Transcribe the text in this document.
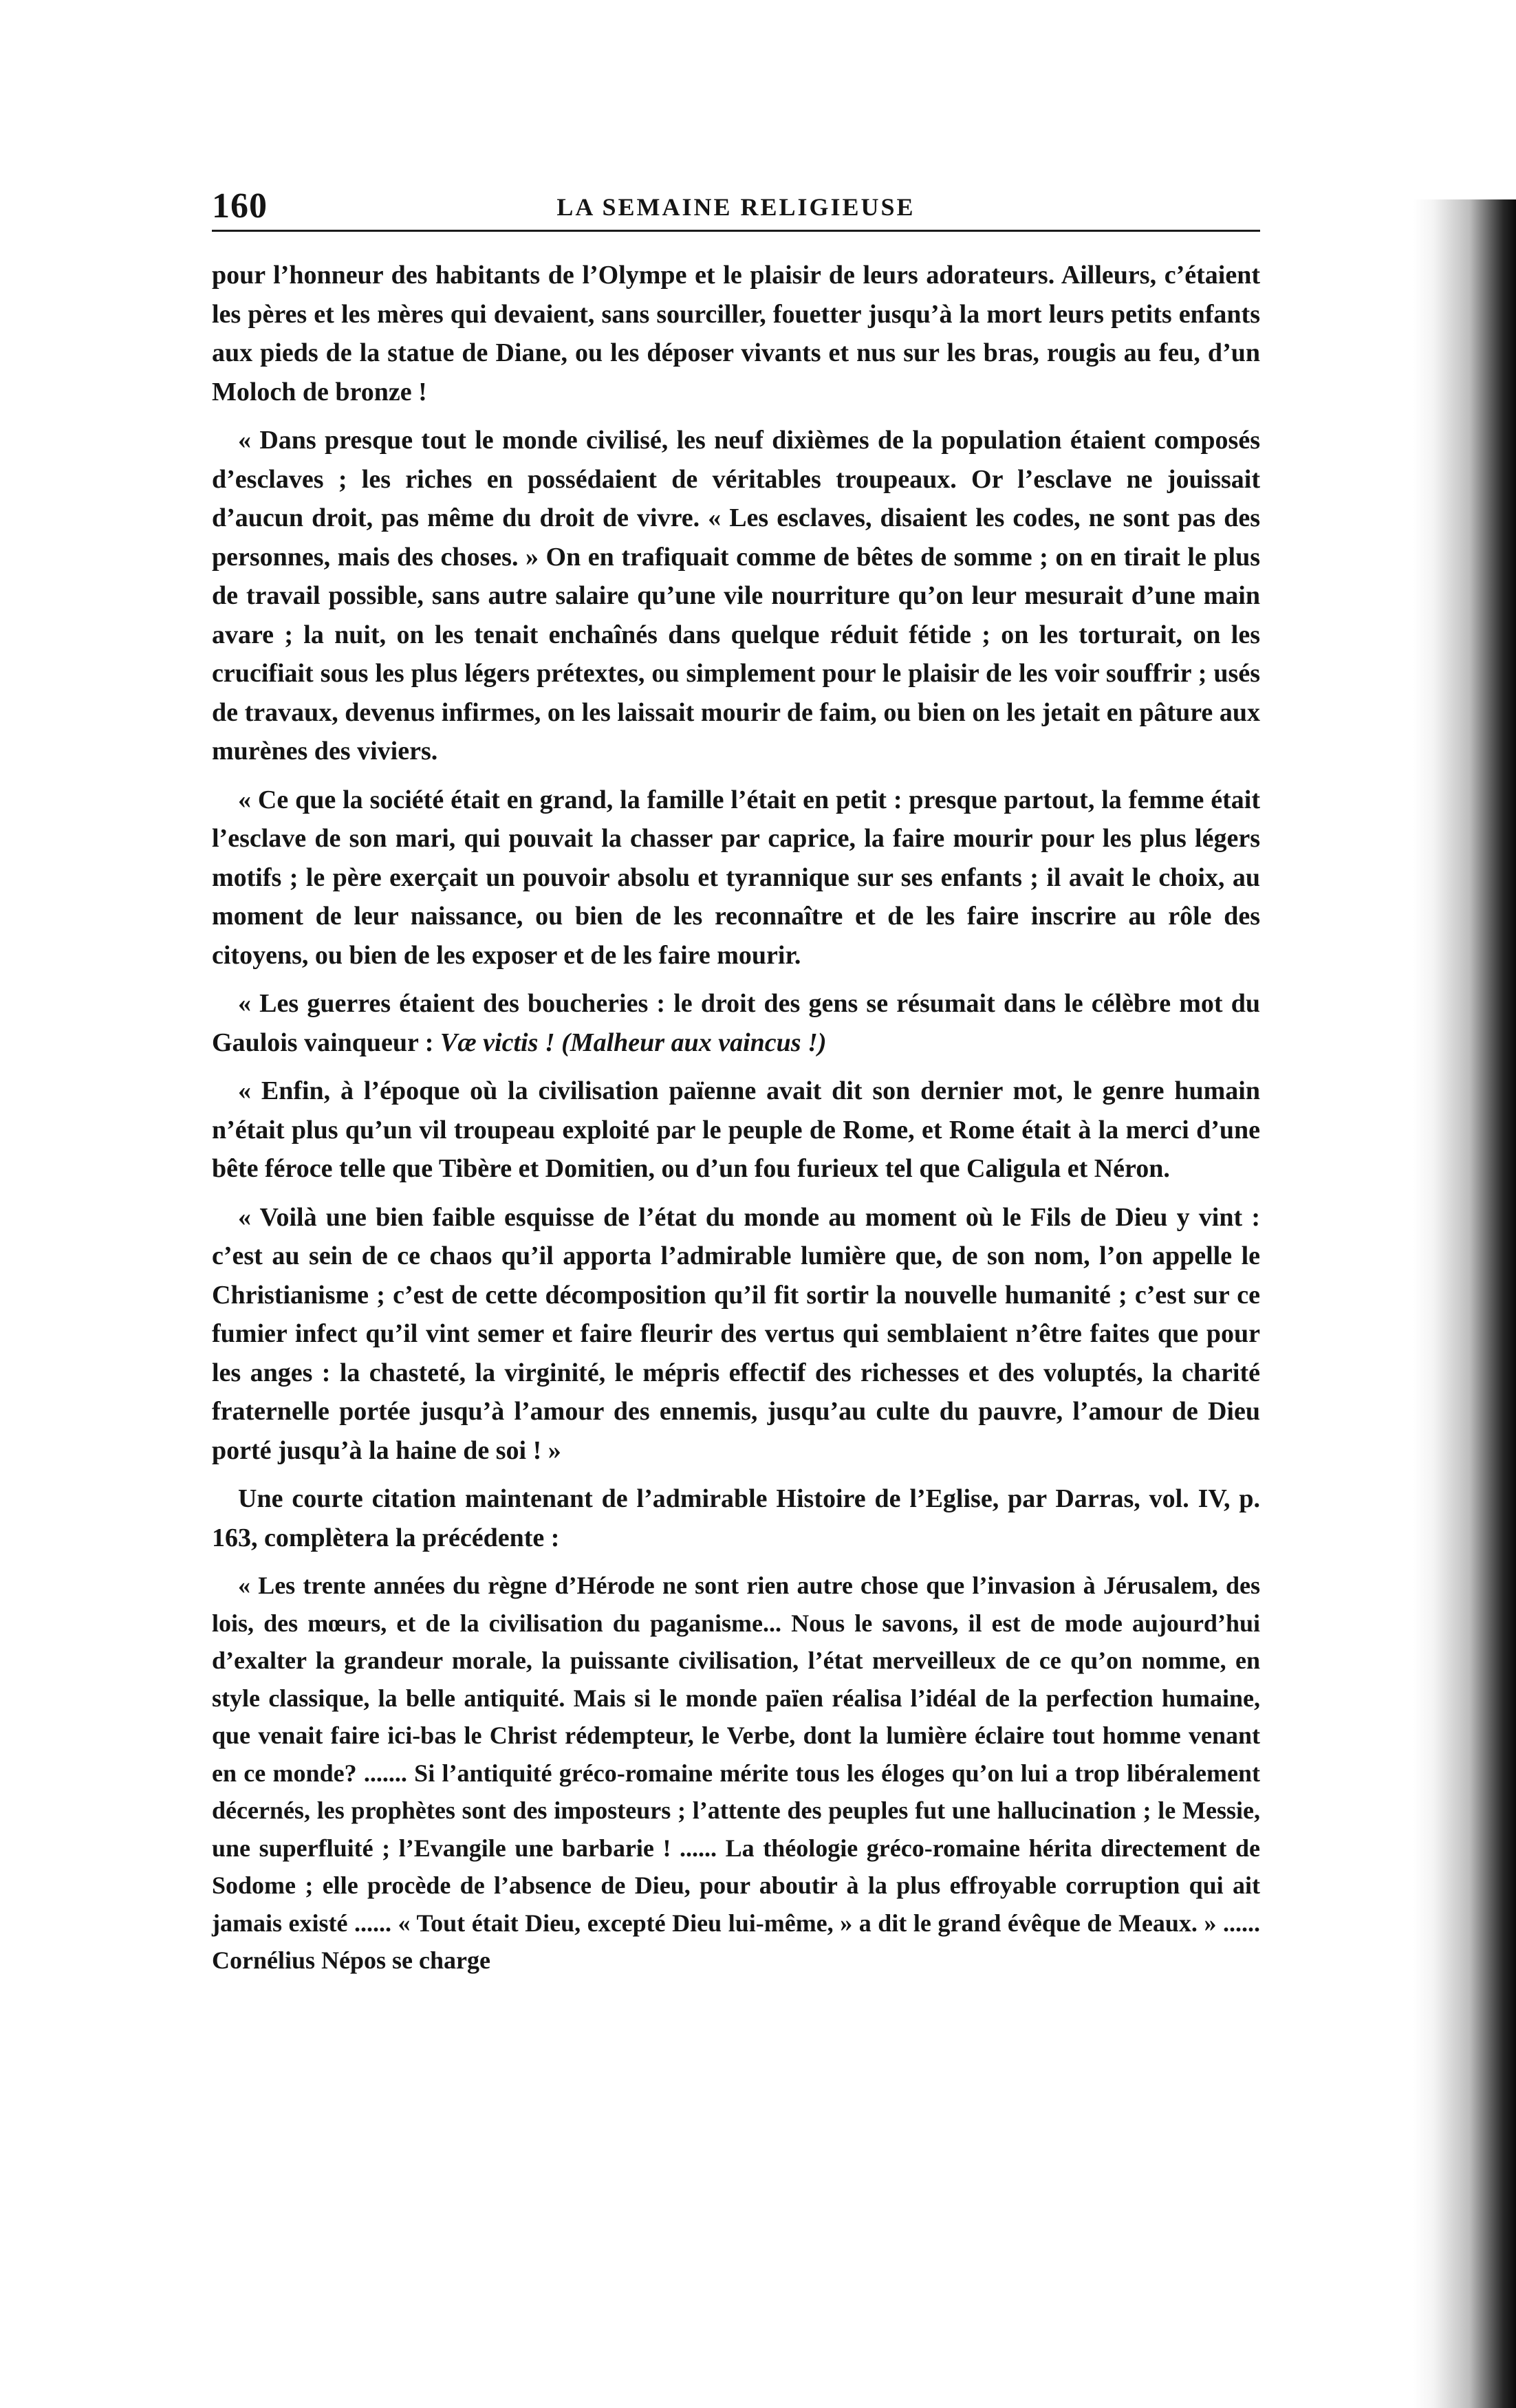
160	LA SEMAINE RELIGIEUSE

pour l’honneur des habitants de l’Olympe et le plaisir de leurs adorateurs. Ailleurs, c’étaient les pères et les mères qui devaient, sans sourciller, fouetter jusqu’à la mort leurs petits enfants aux pieds de la statue de Diane, ou les déposer vivants et nus sur les bras, rougis au feu, d’un Moloch de bronze !

« Dans presque tout le monde civilisé, les neuf dixièmes de la population étaient composés d’esclaves ; les riches en possédaient de véritables troupeaux. Or l’esclave ne jouissait d’aucun droit, pas même du droit de vivre. « Les esclaves, disaient les codes, ne sont pas des personnes, mais des choses. » On en trafiquait comme de bêtes de somme ; on en tirait le plus de travail possible, sans autre salaire qu’une vile nourriture qu’on leur mesurait d’une main avare ; la nuit, on les tenait enchaînés dans quelque réduit fétide ; on les torturait, on les crucifiait sous les plus légers prétextes, ou simplement pour le plaisir de les voir souffrir ; usés de travaux, devenus infirmes, on les laissait mourir de faim, ou bien on les jetait en pâture aux murènes des viviers.

« Ce que la société était en grand, la famille l’était en petit : presque partout, la femme était l’esclave de son mari, qui pouvait la chasser par caprice, la faire mourir pour les plus légers motifs ; le père exerçait un pouvoir absolu et tyrannique sur ses enfants ; il avait le choix, au moment de leur naissance, ou bien de les reconnaître et de les faire inscrire au rôle des citoyens, ou bien de les exposer et de les faire mourir.

« Les guerres étaient des boucheries : le droit des gens se résumait dans le célèbre mot du Gaulois vainqueur : Væ victis ! (Malheur aux vaincus !)

« Enfin, à l’époque où la civilisation païenne avait dit son dernier mot, le genre humain n’était plus qu’un vil troupeau exploité par le peuple de Rome, et Rome était à la merci d’une bête féroce telle que Tibère et Domitien, ou d’un fou furieux tel que Caligula et Néron.

« Voilà une bien faible esquisse de l’état du monde au moment où le Fils de Dieu y vint : c’est au sein de ce chaos qu’il apporta l’admirable lumière que, de son nom, l’on appelle le Christianisme ; c’est de cette décomposition qu’il fit sortir la nouvelle humanité ; c’est sur ce fumier infect qu’il vint semer et faire fleurir des vertus qui semblaient n’être faites que pour les anges : la chasteté, la virginité, le mépris effectif des richesses et des voluptés, la charité fraternelle portée jusqu’à l’amour des ennemis, jusqu’au culte du pauvre, l’amour de Dieu porté jusqu’à la haine de soi ! »

Une courte citation maintenant de l’admirable Histoire de l’Eglise, par Darras, vol. IV, p. 163, complètera la précédente :

« Les trente années du règne d’Hérode ne sont rien autre chose que l’invasion à Jérusalem, des lois, des mœurs, et de la civilisation du paganisme... Nous le savons, il est de mode aujourd’hui d’exalter la grandeur morale, la puissante civilisation, l’état merveilleux de ce qu’on nomme, en style classique, la belle antiquité. Mais si le monde païen réalisa l’idéal de la perfection humaine, que venait faire ici-bas le Christ rédempteur, le Verbe, dont la lumière éclaire tout homme venant en ce monde? ....... Si l’antiquité gréco-romaine mérite tous les éloges qu’on lui a trop libéralement décernés, les prophètes sont des imposteurs ; l’attente des peuples fut une hallucination ; le Messie, une superfluité ; l’Evangile une barbarie ! ...... La théologie gréco-romaine hérita directement de Sodome ; elle procède de l’absence de Dieu, pour aboutir à la plus effroyable corruption qui ait jamais existé ...... « Tout était Dieu, excepté Dieu lui-même, » a dit le grand évêque de Meaux. » ...... Cornélius Népos se charge
